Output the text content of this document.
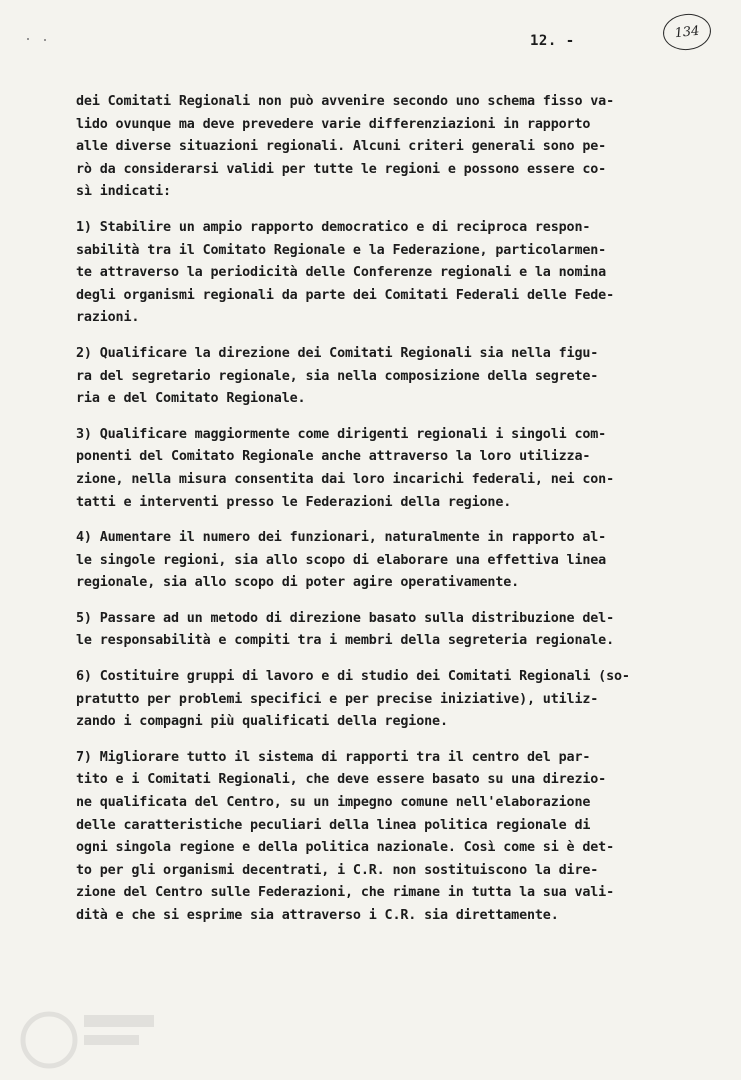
12. -
134

dei Comitati Regionali non può avvenire secondo uno schema fisso va-
lido ovunque ma deve prevedere varie differenziazioni in rapporto
alle diverse situazioni regionali. Alcuni criteri generali sono pe-
rò da considerarsi validi per tutte le regioni e possono essere co-
sì indicati:

1) Stabilire un ampio rapporto democratico e di reciproca respon-
sabilità tra il Comitato Regionale e la Federazione, particolarmen-
te attraverso la periodicità delle Conferenze regionali e la nomina
degli organismi regionali da parte dei Comitati Federali delle Fede-
razioni.

2) Qualificare la direzione dei Comitati Regionali sia nella figu-
ra del segretario regionale, sia nella composizione della segrete-
ria e del Comitato Regionale.

3) Qualificare maggiormente come dirigenti regionali i singoli com-
ponenti del Comitato Regionale anche attraverso la loro utilizza-
zione, nella misura consentita dai loro incarichi federali, nei con-
tatti e interventi presso le Federazioni della regione.

4) Aumentare il numero dei funzionari, naturalmente in rapporto al-
le singole regioni, sia allo scopo di elaborare una effettiva linea
regionale, sia allo scopo di poter agire operativamente.

5) Passare ad un metodo di direzione basato sulla distribuzione del-
le responsabilità e compiti tra i membri della segreteria regionale.

6) Costituire gruppi di lavoro e di studio dei Comitati Regionali (so-
pratutto per problemi specifici e per precise iniziative), utiliz-
zando i compagni più qualificati della regione.

7) Migliorare tutto il sistema di rapporti tra il centro del par-
tito e i Comitati Regionali, che deve essere basato su una direzio-
ne qualificata del Centro, su un impegno comune nell'elaborazione
delle caratteristiche peculiari della linea politica regionale di
ogni singola regione e della politica nazionale. Così come si è det-
to per gli organismi decentrati, i C.R. non sostituiscono la dire-
zione del Centro sulle Federazioni, che rimane in tutta la sua vali-
dità e che si esprime sia attraverso i C.R. sia direttamente.
